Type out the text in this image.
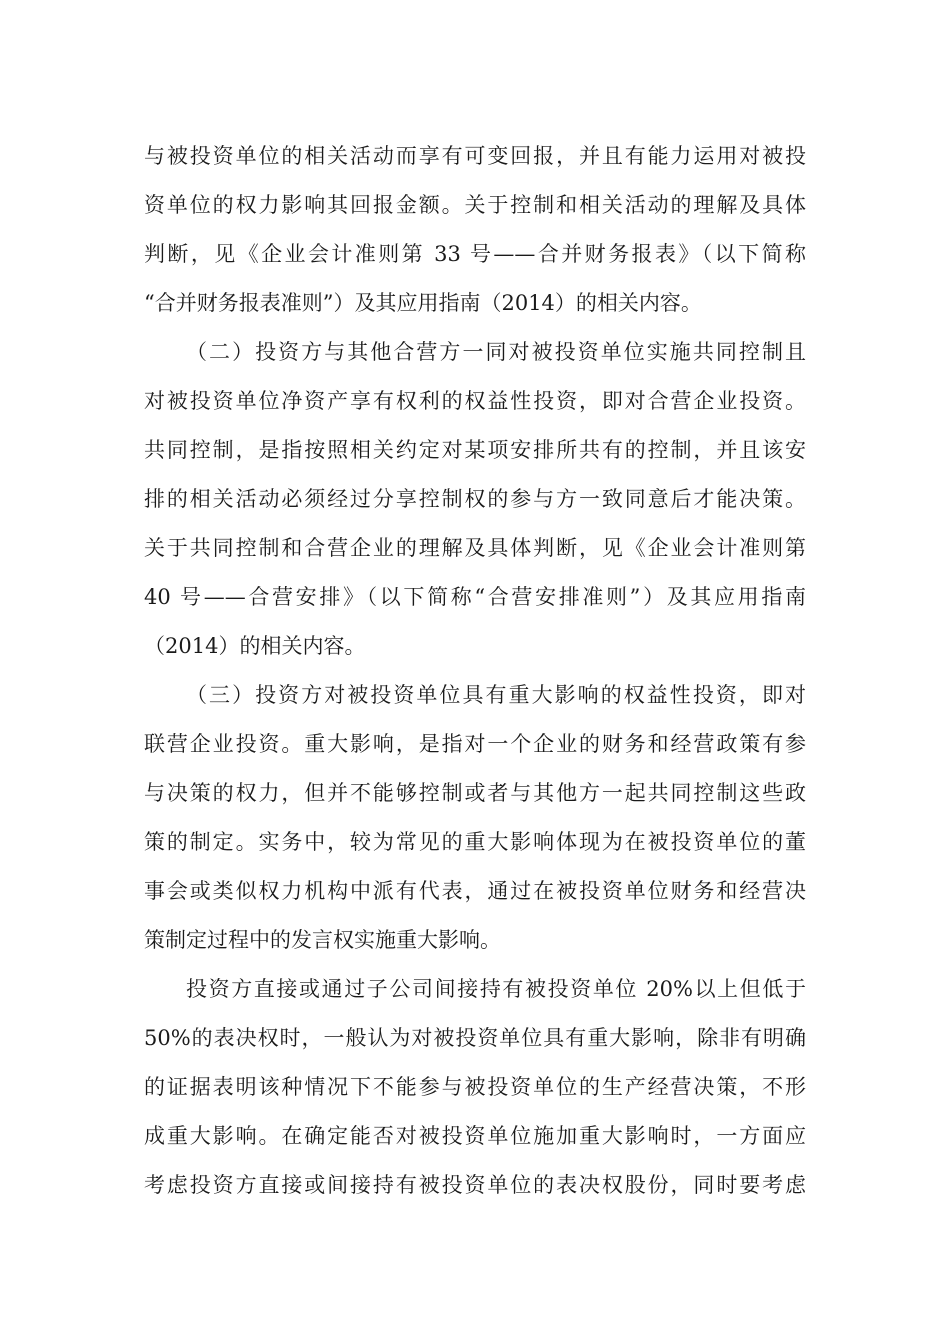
与被投资单位的相关活动而享有可变回报，并且有能力运用对被投
资单位的权力影响其回报金额。关于控制和相关活动的理解及具体
判断，见《企业会计准则第 33 号——合并财务报表》（以下简称
“合并财务报表准则”）及其应用指南（2014）的相关内容。
（二）投资方与其他合营方一同对被投资单位实施共同控制且
对被投资单位净资产享有权利的权益性投资，即对合营企业投资。
共同控制，是指按照相关约定对某项安排所共有的控制，并且该安
排的相关活动必须经过分享控制权的参与方一致同意后才能决策。
关于共同控制和合营企业的理解及具体判断，见《企业会计准则第
40 号——合营安排》（以下简称“合营安排准则”）及其应用指南
（2014）的相关内容。
（三）投资方对被投资单位具有重大影响的权益性投资，即对
联营企业投资。重大影响，是指对一个企业的财务和经营政策有参
与决策的权力，但并不能够控制或者与其他方一起共同控制这些政
策的制定。实务中，较为常见的重大影响体现为在被投资单位的董
事会或类似权力机构中派有代表，通过在被投资单位财务和经营决
策制定过程中的发言权实施重大影响。
投资方直接或通过子公司间接持有被投资单位 20%以上但低于
50%的表决权时，一般认为对被投资单位具有重大影响，除非有明确
的证据表明该种情况下不能参与被投资单位的生产经营决策，不形
成重大影响。在确定能否对被投资单位施加重大影响时，一方面应
考虑投资方直接或间接持有被投资单位的表决权股份，同时要考虑
